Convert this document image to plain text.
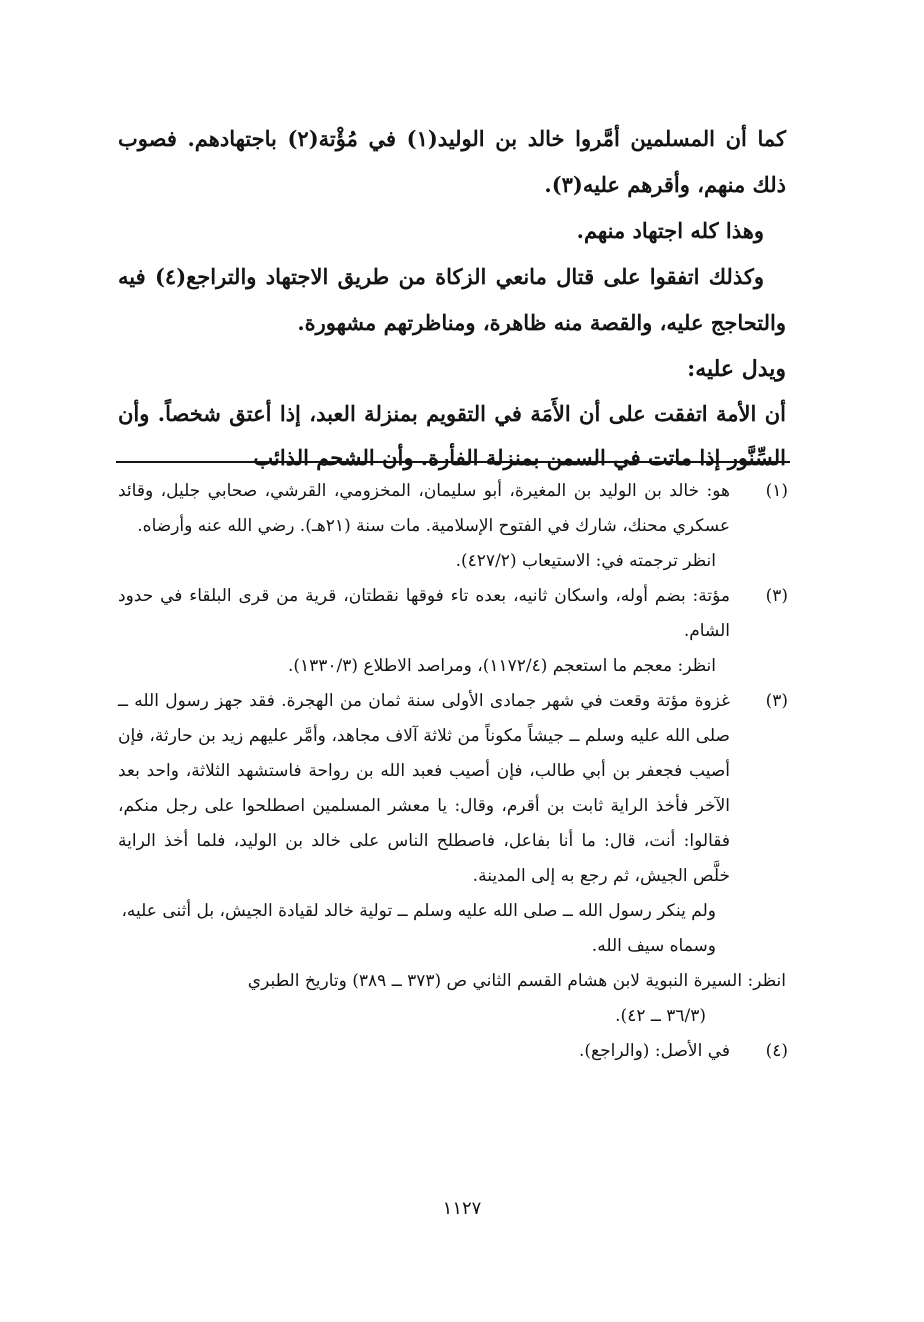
كما أن المسلمين أمَّروا خالد بن الوليد(١) في مُؤْتة(٢) باجتهادهم. فصوب ذلك منهم، وأقرهم عليه(٣).

وهذا كله اجتهاد منهم.

وكذلك اتفقوا على قتال مانعي الزكاة من طريق الاجتهاد والتراجع(٤) فيه والتحاجج عليه، والقصة منه ظاهرة، ومناظرتهم مشهورة.

ويدل عليه:

أن الأمة اتفقت على أن الأَمَة في التقويم بمنزلة العبد، إذا أعتق شخصاً. وأن السِّنَّور إذا ماتت في السمن بمنزلة الفأرة. وأن الشحم الذائب

(١)
هو: خالد بن الوليد بن المغيرة، أبو سليمان، المخزومي، القرشي، صحابي جليل، وقائد عسكري محنك، شارك في الفتوح الإسلامية. مات سنة (٢١هـ). رضي الله عنه وأرضاه.
انظر ترجمته في: الاستيعاب (٤٢٧/٢).
(٣)
مؤتة: بضم أوله، واسكان ثانيه، بعده تاء فوقها نقطتان، قرية من قرى البلقاء في حدود الشام.
انظر: معجم ما استعجم (١١٧٢/٤)، ومراصد الاطلاع (١٣٣٠/٣).
(٣)
غزوة مؤتة وقعت في شهر جمادى الأولى سنة ثمان من الهجرة. فقد جهز رسول الله ــ صلى الله عليه وسلم ــ جيشاً مكوناً من ثلاثة آلاف مجاهد، وأمَّر عليهم زيد بن حارثة، فإن أصيب فجعفر بن أبي طالب، فإن أصيب فعبد الله بن رواحة فاستشهد الثلاثة، واحد بعد الآخر فأخذ الراية ثابت بن أقرم، وقال: يا معشر المسلمين اصطلحوا على رجل منكم، فقالوا: أنت، قال: ما أنا بفاعل، فاصطلح الناس على خالد بن الوليد، فلما أخذ الراية خلَّص الجيش، ثم رجع به إلى المدينة.
ولم ينكر رسول الله ــ صلى الله عليه وسلم ــ تولية خالد لقيادة الجيش، بل أثنى عليه، وسماه سيف الله.
انظر: السيرة النبوية لابن هشام القسم الثاني ص (٣٧٣ ــ ٣٨٩) وتاريخ الطبري
(٣٦/٣ ــ ٤٢).
(٤)
في الأصل: (والراجع).
١١٢٧
